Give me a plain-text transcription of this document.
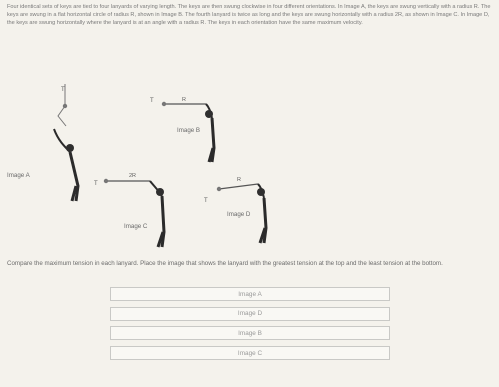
Four identical sets of keys are tied to four lanyards of varying length. The keys are then swung clockwise in four different orientations. In Image A, the keys are swung vertically with a radius R. The keys are swung in a flat horizontal circle of radius R, shown in Image B. The fourth lanyard is twice as long and the keys are swung horizontally with a radius 2R, as shown in Image C. In Image D, the keys are swung horizontally where the lanyard is at an angle with a radius R. The keys in each orientation have the same maximum velocity.
T
T	R
T
2R
T
R
Image A
Image B
Image C
Image D
Compare the maximum tension in each lanyard. Place the image that shows the lanyard with the greatest tension at the top and the least tension at the bottom.
Image A
Image D
Image B
Image C
